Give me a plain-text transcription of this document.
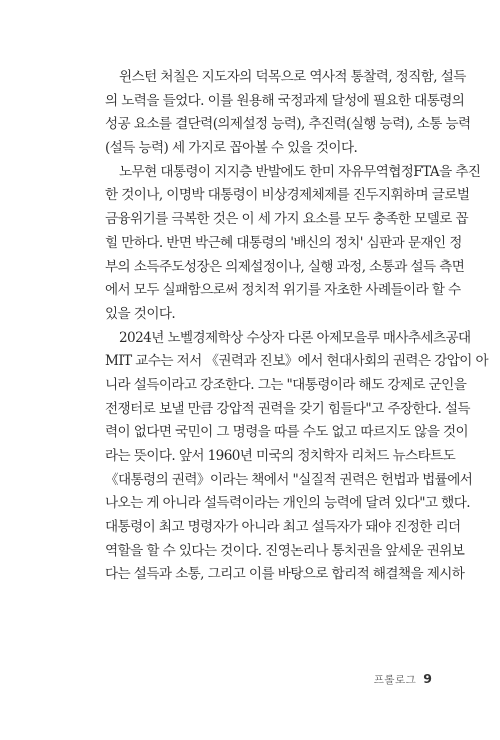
윈스턴 처칠은 지도자의 덕목으로 역사적 통찰력, 정직함, 설득
의 노력을 들었다. 이를 원용해 국정과제 달성에 필요한 대통령의
성공 요소를 결단력(의제설정 능력), 추진력(실행 능력), 소통 능력
(설득 능력) 세 가지로 꼽아볼 수 있을 것이다.
노무현 대통령이 지지층 반발에도 한미 자유무역협정FTA을 추진
한 것이나, 이명박 대통령이 비상경제체제를 진두지휘하며 글로벌
금융위기를 극복한 것은 이 세 가지 요소를 모두 충족한 모델로 꼽
힐 만하다. 반면 박근혜 대통령의 '배신의 정치' 심판과 문재인 정
부의 소득주도성장은 의제설정이나, 실행 과정, 소통과 설득 측면
에서 모두 실패함으로써 정치적 위기를 자초한 사례들이라 할 수
있을 것이다.
2024년 노벨경제학상 수상자 다론 아제모을루 매사추세츠공대
MIT 교수는 저서 《권력과 진보》에서 현대사회의 권력은 강압이 아
니라 설득이라고 강조한다. 그는 "대통령이라 해도 강제로 군인을
전쟁터로 보낼 만큼 강압적 권력을 갖기 힘들다"고 주장한다. 설득
력이 없다면 국민이 그 명령을 따를 수도 없고 따르지도 않을 것이
라는 뜻이다. 앞서 1960년 미국의 정치학자 리처드 뉴스타트도
《대통령의 권력》이라는 책에서 "실질적 권력은 헌법과 법률에서
나오는 게 아니라 설득력이라는 개인의 능력에 달려 있다"고 했다.
대통령이 최고 명령자가 아니라 최고 설득자가 돼야 진정한 리더
역할을 할 수 있다는 것이다. 진영논리나 통치권을 앞세운 권위보
다는 설득과 소통, 그리고 이를 바탕으로 합리적 해결책을 제시하
프롤로그 9
